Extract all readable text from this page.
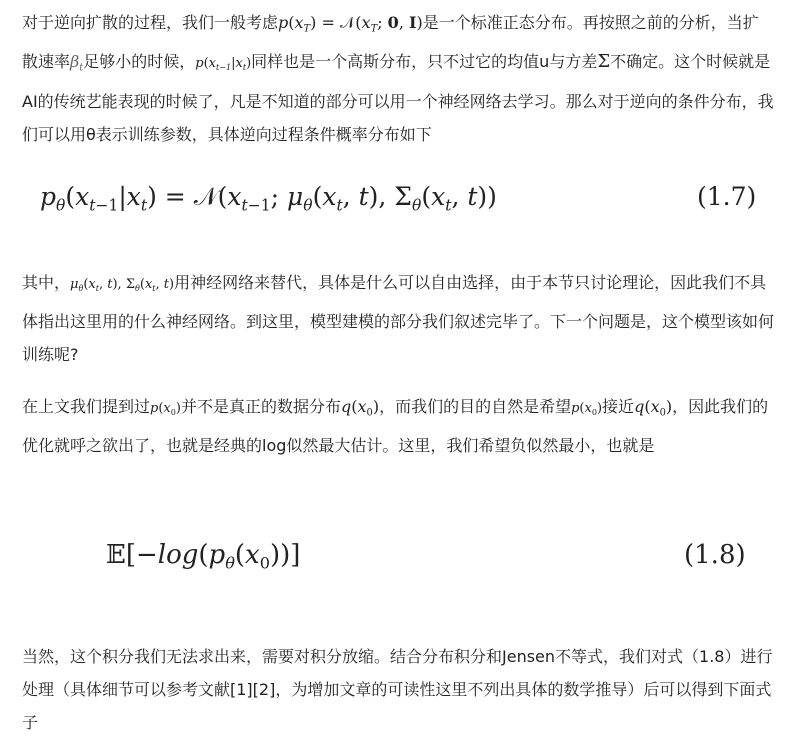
对于逆向扩散的过程，我们一般考虑$p(x_T)$ = $𝒩(x_T$; 0, I)是一个标准正态分布。再按照之前的分析，当扩散速率$\beta_t$足够小的时候，$p(x_{t-1}|x_t)$同样也是一个高斯分布，只不过它的均值u与方差Σ不确定。这个时候就是AI的传统艺能表现的时候了，凡是不知道的部分可以用一个神经网络去学习。那么对于逆向的条件分布，我们可以用θ表示训练参数，具体逆向过程条件概率分布如下
$p_\theta(x_{t-1}|x_t)$ = $𝒩(x_{t-1}$; $\mu_\theta(x_t$, t), $\Sigma_\theta(x_t$, t))	(1.7)
其中，$\mu_\theta(x_t$, t), $\Sigma_\theta(x_t$, t)用神经网络来替代，具体是什么可以自由选择，由于本节只讨论理论，因此我们不具体指出这里用的什么神经网络。到这里，模型建模的部分我们叙述完毕了。下一个问题是，这个模型该如何训练呢?
在上文我们提到过$p(x_0)$并不是真正的数据分布$q(x_0)$，而我们的目的自然是希望$p(x_0)$接近$q(x_0)$，因此我们的优化就呼之欲出了，也就是经典的log似然最大估计。这里，我们希望负似然最小，也就是
$𝔼[-\log(p_\theta(x_0))]$	(1.8)
当然，这个积分我们无法求出来，需要对积分放缩。结合分布积分和Jensen不等式，我们对式（1.8）进行处理（具体细节可以参考文献[1][2]，为增加文章的可读性这里不列出具体的数学推导）后可以得到下面式子
